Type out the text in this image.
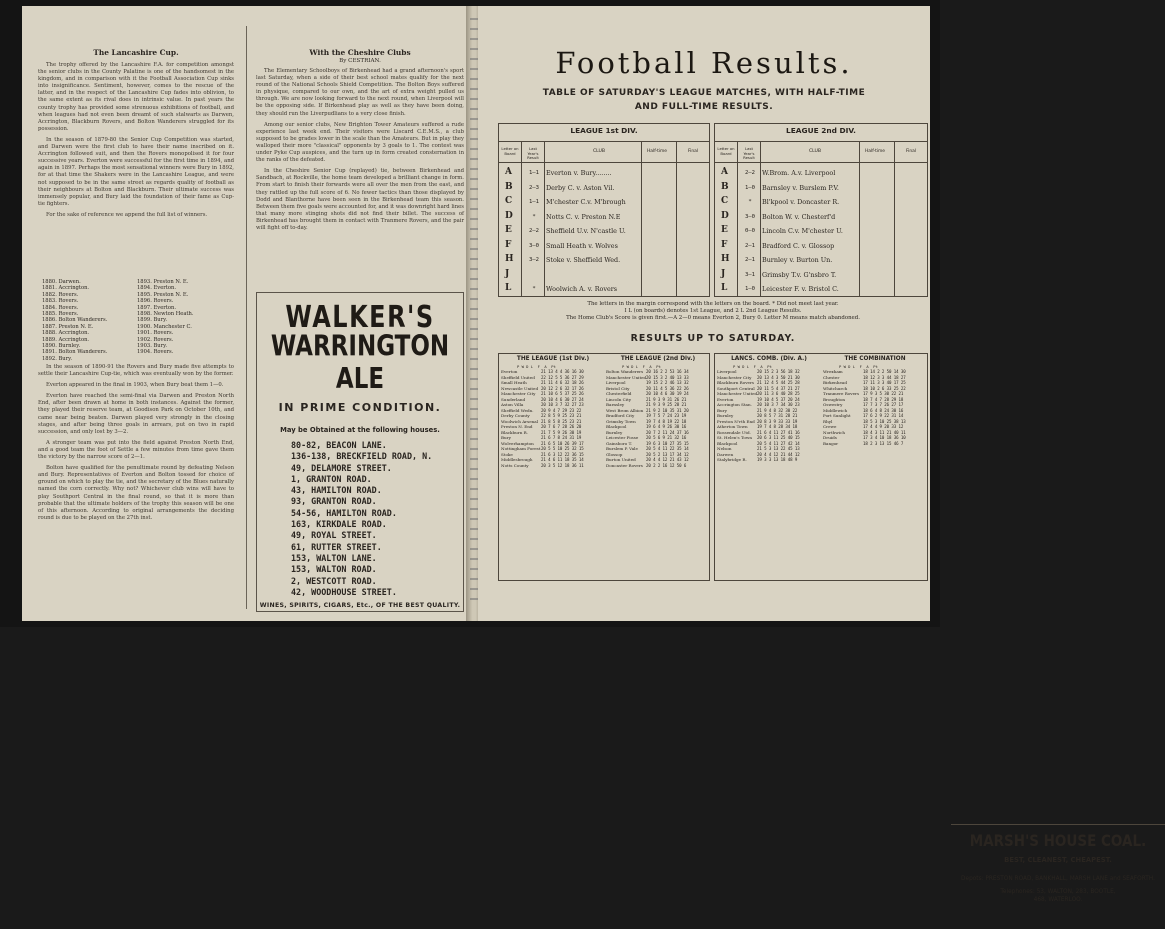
The Lancashire Cup.

The trophy offered by the Lancashire F.A. for competition amongst the senior clubs in the County Palatine is one of the handsomest in the kingdom, and in comparison with it the Football Association Cup sinks into insignificance. Sentiment, however, comes to the rescue of the latter, and in the respect of the Lancashire Cup fades into oblivion, to the same extent as its rival does in intrinsic value. In past years the county trophy has provided some strenuous exhibitions of football, and when leagues had not even been dreamt of such stalwarts as Darwen, Accrington, Blackburn Rovers, and Bolton Wanderers struggled for its possession.

In the season of 1879-80 the Senior Cup Competition was started, and Darwen were the first club to have their name inscribed on it. Accrington followed suit, and then the Rovers monopolised it for four successive years. Everton were successful for the first time in 1894, and again in 1897. Perhaps the most sensational winners were Bury in 1892, for at that time the Shakers were in the Lancashire League, and were not supposed to be in the same street as regards quality of football as their neighbours at Bolton and Blackburn. Their ultimate success was immensely popular, and Bury laid the foundation of their fame as Cup-tie fighters.

For the sake of reference we append the full list of winners.

1880. Darwen.	1893. Preston N. E.
1881. Accrington.	1894. Everton.
1882. Rovers.	1895. Preston N. E.
1883. Rovers.	1896. Rovers.
1884. Rovers.	1897. Everton.
1885. Rovers.	1898. Newton Heath.
1886. Bolton Wanderers.	1899. Bury.
1887. Preston N. E.	1900. Manchester C.
1888. Accrington.	1901. Rovers.
1889. Accrington.	1902. Rovers.
1890. Burnley.	1903. Bury.
1891. Bolton Wanderers.	1904. Rovers.
1892. Bury.

In the season of 1890-91 the Rovers and Bury made five attempts to settle their Lancashire Cup-tie, which was eventually won by the former.

Everton appeared in the final in 1903, when Bury beat them 1—0.

Everton have reached the semi-final via Darwen and Preston North End, after been drawn at home in both instances. Against the former, they played their reserve team, at Goodison Park on October 10th, and came near being beaten. Darwen played very strongly in the closing stages, and after being three goals in arrears, put on two in rapid succession, and only lost by 3—2.

A stronger team was put into the field against Preston North End, and a good team the foot of Settle a few minutes from time gave them the victory by the narrow score of 2—1.

Bolton have qualified for the penultimate round by defeating Nelson and Bury. Representatives of Everton and Bolton tossed for choice of ground on which to play the tie, and the secretary of the Blues naturally named the corn correctly. Why not? Whichever club wins will have to play Southport Central in the final round, so that it is more than probable that the ultimate holders of the trophy this season will be one of this afternoon. According to original arrangements the deciding round is due to be played on the 27th inst.

With the Cheshire Clubs
By CESTRIAN.

The Elementary Schoolboys of Birkenhead had a grand afternoon's sport last Saturday, when a side of their best school mates qualify for the next round of the National Schools Shield Competition. The Bolton Boys suffered in physique, compared to our own, and the art of extra weight pulled us through. We are now looking forward to the next round, when Liverpool will be the opposing side. If Birkenhead play as well as they have been doing, they should run the Liverpudlians to a very close finish.

Among our senior clubs, New Brighton Tower Amateurs suffered a rude experience last week end. Their visitors were Liscard C.E.M.S., a club supposed to be grades lower in the scale than the Amateurs. But in play they walloped their more "classical" opponents by 3 goals to 1. The contest was under Pyke Cup auspices, and the turn up in form created consternation in the ranks of the defeated.

In the Cheshire Senior Cup (replayed) tie, between Birkenhead and Sandbach, at Rockville, the home team developed a brilliant change in form. From start to finish their forwards were all over the men from the east, and they rattled up the full score of 6. No fewer tactics than those displayed by Dodd and Blanthorne have been seen in the Birkenhead team this season. Between them five goals were accounted for, and it was downright hard lines that many more stinging shots did not find their billet. The success of Birkenhead has brought them in contact with Tranmere Rovers, and the pair will fight off to-day.

WALKER'S
WARRINGTON ALE
IN PRIME CONDITION.
May be Obtained at the following houses.
80-82, BEACON LANE.
136-138, BRECKFIELD ROAD, N.
49, DELAMORE STREET.
1, GRANTON ROAD.
43, HAMILTON ROAD.
93, GRANTON ROAD.
54-56, HAMILTON ROAD.
163, KIRKDALE ROAD.
49, ROYAL STREET.
61, RUTTER STREET.
153, WALTON LANE.
153, WALTON ROAD.
2, WESTCOTT ROAD.
42, WOODHOUSE STREET.
WINES, SPIRITS, CIGARS, Etc., OF THE BEST QUALITY.
Football Results.
TABLE OF SATURDAY'S LEAGUE MATCHES, WITH HALF-TIME
AND FULL-TIME RESULTS.
LEAGUE 1st DIV.
Letter on Board
Last Year's Result
CLUB	Half-time	Final
A	1—1	Everton v. Bury........
B	2—3	Derby C. v. Aston Vil.
C	1—1	M'chester C.v. M'brough
D	*	Notts C. v. Preston N.E
E	2—2	Sheffield U.v. N'castle U.
F	3—0	Small Heath v. Wolves
H	3—2	Stoke v. Sheffield Wed.
J
L	*	Woolwich A. v. Rovers
LEAGUE 2nd DIV.
Letter on Board
Last Year's Result
CLUB	Half-time	Final
A	2—2	W.Brom. A.v. Liverpool
B	1—0	Barnsley v. Burslem P.V.
C	*	Bl'kpool v. Doncaster R.
D	3—0	Bolton W. v. Chesterf'd
E	0—0	Lincoln C.v. M'chester U.
F	2—1	Bradford C. v. Glossop
H	2—1	Burnley v. Burton Un.
J	3—1	Grimsby T.v. G'nsbro T.
L	1—0	Leicester F. v. Bristol C.
The letters in the margin correspond with the letters on the board. * Did not meet last year.
I L (on boards) denotes 1st League, and 2 L 2nd League Results.
The Home Club's Score is given first.—A 2—0 means Everton 2, Bury 0. Letter M means match abandoned.
RESULTS UP TO SATURDAY.
THE LEAGUE (1st Div.)
P W D L  F  A  Pt
Everton	21 13 4 4 36 16 30
Sheffield United	22 12 5 5 36 27 29
Small Heath	21 11 4 6 32 18 26
Newcastle United 20 12 2 6 32 17 26
Manchester City	21 10 6 5 37 25 26
Sunderland	20 10 4 6 30 27 24
Aston Villa	20 10 3 7 32 27 23
Sheffield Wedn.	20 9 4 7 29 23 22
Derby County	22 8 5 9 25 23 21
Woolwich Arsenal 21 8 5 8 25 23 21
Preston N. End	20 7 6 7 28 26 20
Blackburn R.	21 7 5 9 26 30 19
Bury	21 6 7 8 24 31 19
Wolverhampton	21 6 5 10 26 39 17
Nottingham Forest 20 5 5 10 25 32 15
Stoke	21 6 3 12 22 36 15
Middlesbrough	21 4 6 11 18 35 14
Notts County	20 3 5 12 18 36 11
THE LEAGUE (2nd Div.)
P W D L  F  A  Pt
Bolton Wanderers 20 16 2 2 53 16 34
Manchester United 20 15 3 2 40 13 33
Liverpool	19 15 2 2 46 13 32
Bristol City	20 11 4 5 36 22 26
Chesterfield	20 10 4 6 30 19 24
Lincoln City	21 9 3 9 31 26 21
Barnsley	21 9 3 9 25 28 21
West Brom Albion 21 9 2 10 35 31 20
Bradford City	19 7 5 7 24 23 19
Grimsby Town	19 7 4 8 19 22 18
Blackpool	19 6 4 9 26 30 16
Burnley	20 7 2 11 24 37 16
Leicester Fosse	20 5 6 9 21 32 16
Gainsboro T.	19 6 3 10 27 35 15
Burslem P. Vale	20 5 4 11 22 35 14
Glossop	20 5 2 13 17 34 12
Burton United	20 4 4 12 21 43 12
Doncaster Rovers 20 2 2 16 12 50 6
LANCS. COMB. (Div. A.)
P W D L  F  A  Pt
Liverpool	20 15 2 3 56 18 32
Manchester City	20 13 4 3 50 21 30
Blackburn Rovers 21 12 4 5 44 25 28
Southport Central 20 11 5 4 37 21 27
Manchester United 20 11 3 6 40 28 25
Everton	19 10 4 5 37 20 24
Accrington Stan.	20 10 3 7 34 30 23
Bury	21 9 4 8 32 30 22
Burnley	20 8 5 7 31 28 21
Preston N'rth End 20 8 3 9 33 33 19
Atherton Town	19 7 4 8 28 34 18
Rossendale Utd.	21 6 4 11 27 41 16
St. Helen's Town	20 6 3 11 25 40 15
Blackpool	20 5 4 11 27 42 14
Nelson	21 5 3 13 22 45 13
Darwen	20 4 4 12 21 44 12
Stalybridge R.	19 3 3 13 18 48 9
THE COMBINATION
P W D L  F  A  Pt
Wrexham	18 14 2 2 50 14 30
Chester	18 12 3 3 44 18 27
Birkenhead	17 11 3 3 40 17 25
Whitchurch	18 10 2 6 33 25 22
Tranmere Rovers 17 9 3 5 30 22 21
Broughton	18 7 4 7 28 29 18
Oswestry	17 7 3 7 26 27 17
Middlewich	18 6 4 8 24 30 16
Port Sunlight	17 6 2 9 22 31 14
Rhyl	18 5 3 10 25 38 13
Crewe	17 4 4 9 20 33 12
Northwich	18 4 3 11 21 40 11
Druids	17 3 4 10 18 36 10
Bangor	18 2 3 13 15 46 7
MARSH'S HOUSE COAL.
BEST, CLEANEST, CHEAPEST.
Depots: PRESTON ROAD, BANKHALL, MARSH LANE and SEAFORTH.
Telephones: 53, WALTON, 283, BOOTLE,
468, WATERLOO.
